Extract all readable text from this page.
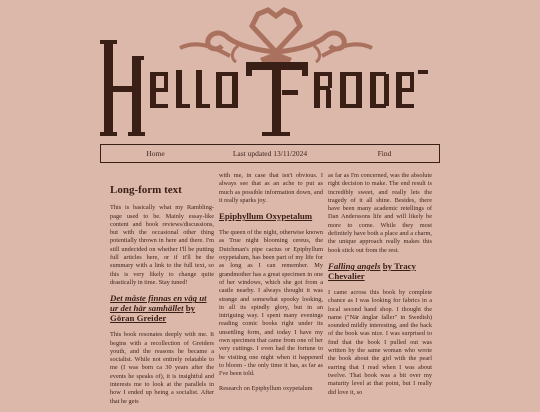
Home	Last updated 13/11/2024	Find
Long-form text

This is basically what my Rambling-page used to be. Mainly essay-like content and book reviews/discussions, but with the occasional other thing potentially thrown in here and there. I'm still undecided on whether I'll be putting full articles here, or if it'll be the summary with a link to the full text, so this is very likely to change quite drastically in time. Stay tuned!

Det måste finnas en väg ut ur det här samhället by Göran Greider

This book resonates deeply with me. It begins with a recollection of Greiders youth, and the reasons he became a socialist. While not entirely relatable to me (I was born ca 30 years after the events he speaks of), it is insightful and interests me to look at the parallels in how I ended up being a socialist. After that he gets

with me, in case that isn't obvious. I always see that as an ache to put as much as possible information down, and it really sparks joy.

Epiphyllum Oxypetalum

The queen of the night, otherwise known as True night blooming cereus, the Dutchman's pipe cactus or Epiphyllum oxypetalum, has been part of my life for as long as I can remember. My grandmother has a great specimen in one of her windows, which she got from a castle nearby. I always thought it was strange and somewhat spooky looking, in all its spindly glory, but in an intriguing way. I spent many evenings reading comic books right under its unsettling form, and today I have my own specimen that came from one of her very cuttings. I even had the fortune to be visiting one night when it happened to bloom - the only time it has, as far as I've been told.

Research on Epiphyllum oxypetalum

as far as I'm concerned, was the absolute right decision to make. The end result is incredibly sweet, and really lets the tragedy of it all shine. Besides, there have been many academic retellings of Dan Anderssons life and will likely be more to come. While they most definitely have both a place and a charm, the unique approach really makes this book stick out from the rest.

Falling angels by Tracy Chevalier

I came across this book by complete chance as I was looking for fabrics in a local second hand shop. I thought the name ("När änglar faller" in Swedish) sounded mildly interesting, and the back of the book was nice. I was surprised to find that the book I pulled out was written by the same woman who wrote the book about the girl with the pearl earring that I read when I was about twelve. That book was a bit over my maturity level at that point, but I really did love it, so
